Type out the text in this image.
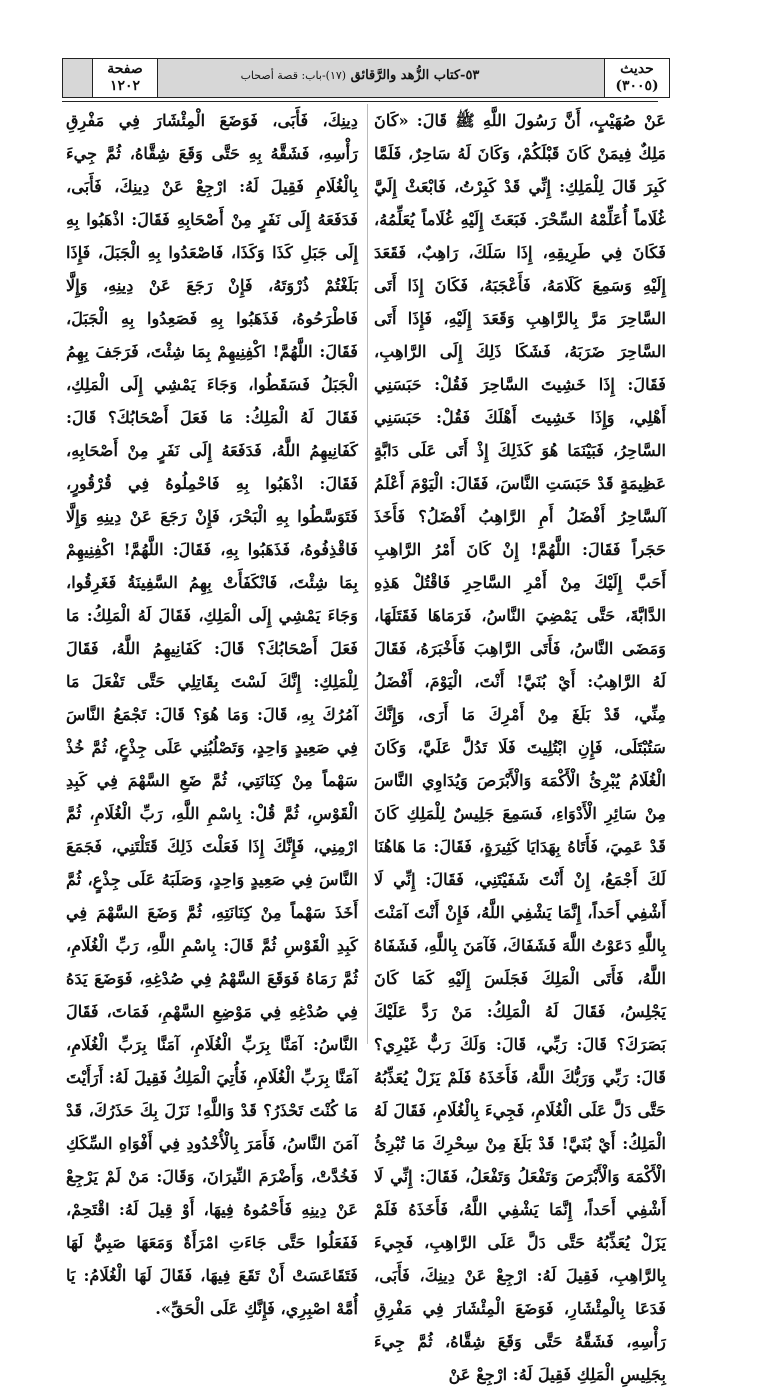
٥٣-كتاب الزُّهد والرَّقائق (١٧)-باب: قصة أصحاب	حديث
(٣٠٠٥)
صفحة
١٢٠٢

عَنْ صُهَيْبٍ، أَنَّ رَسُولَ اللَّهِ ﷺ قَالَ: «كَانَ مَلِكٌ فِيمَنْ كَانَ قَبْلَكُمْ، وَكَانَ لَهُ سَاحِرٌ، فَلَمَّا كَبِرَ قَالَ لِلْمَلِكِ: إِنِّي قَدْ كَبِرْتُ، فَابْعَثْ إِلَيَّ غُلَاماً أُعَلِّمْهُ السِّحْرَ. فَبَعَثَ إِلَيْهِ غُلَاماً يُعَلِّمُهُ، فَكَانَ فِي طَرِيقِهِ، إِذَا سَلَكَ، رَاهِبٌ، فَقَعَدَ إِلَيْهِ وَسَمِعَ كَلَامَهُ، فَأَعْجَبَهُ، فَكَانَ إِذَا أَتَى السَّاحِرَ مَرَّ بِالرَّاهِبِ وَقَعَدَ إِلَيْهِ، فَإِذَا أَتَى السَّاحِرَ ضَرَبَهُ، فَشَكَا ذَلِكَ إِلَى الرَّاهِبِ، فَقَالَ: إِذَا خَشِيتَ السَّاحِرَ فَقُلْ: حَبَسَنِي أَهْلِي، وَإِذَا خَشِيتَ أَهْلَكَ فَقُلْ: حَبَسَنِي السَّاحِرُ، فَبَيْنَمَا هُوَ كَذَلِكَ إِذْ أَتَى عَلَى دَابَّةٍ عَظِيمَةٍ قَدْ حَبَسَتِ النَّاسَ، فَقَالَ: الْيَوْمَ أَعْلَمُ آلسَّاحِرُ أَفْضَلُ أَمِ الرَّاهِبُ أَفْضَلُ؟ فَأَخَذَ حَجَراً فَقَالَ: اللَّهُمَّ! إِنْ كَانَ أَمْرُ الرَّاهِبِ أَحَبَّ إِلَيْكَ مِنْ أَمْرِ السَّاحِرِ فَاقْتُلْ هَذِهِ الدَّابَّةَ، حَتَّى يَمْضِيَ النَّاسُ، فَرَمَاهَا فَقَتَلَهَا، وَمَضَى النَّاسُ، فَأَتَى الرَّاهِبَ فَأَخْبَرَهُ، فَقَالَ لَهُ الرَّاهِبُ: أَيْ بُنَيَّ! أَنْتَ، الْيَوْمَ، أَفْضَلُ مِنِّي، قَدْ بَلَغَ مِنْ أَمْرِكَ مَا أَرَى، وَإِنَّكَ سَتُبْتَلَى، فَإِنِ ابْتُلِيتَ فَلَا تَدُلَّ عَلَيَّ، وَكَانَ الْغُلَامُ يُبْرِئُ الْأَكْمَهَ وَالْأَبْرَصَ وَيُدَاوِي النَّاسَ مِنْ سَائِرِ الْأَدْوَاءِ، فَسَمِعَ جَلِيسٌ لِلْمَلِكِ كَانَ قَدْ عَمِيَ، فَأَتَاهُ بِهَدَايَا كَثِيرَةٍ، فَقَالَ: مَا هَاهُنَا لَكَ أَجْمَعُ، إِنْ أَنْتَ شَفَيْتَنِي، فَقَالَ: إِنِّي لَا أَشْفِي أَحَداً، إِنَّمَا يَشْفِي اللَّهُ، فَإِنْ أَنْتَ آمَنْتَ بِاللَّهِ دَعَوْتُ اللَّهَ فَشَفَاكَ، فَآمَنَ بِاللَّهِ، فَشَفَاهُ اللَّهُ، فَأَتَى الْمَلِكَ فَجَلَسَ إِلَيْهِ كَمَا كَانَ يَجْلِسُ، فَقَالَ لَهُ الْمَلِكُ: مَنْ رَدَّ عَلَيْكَ بَصَرَكَ؟ قَالَ: رَبِّي، قَالَ: وَلَكَ رَبٌّ غَيْرِي؟ قَالَ: رَبِّي وَرَبُّكَ اللَّهُ، فَأَخَذَهُ فَلَمْ يَزَلْ يُعَذِّبُهُ حَتَّى دَلَّ عَلَى الْغُلَامِ، فَجِيءَ بِالْغُلَامِ، فَقَالَ لَهُ الْمَلِكُ: أَيْ بُنَيَّ! قَدْ بَلَغَ مِنْ سِحْرِكَ مَا تُبْرِئُ الْأَكْمَهَ وَالْأَبْرَصَ وَتَفْعَلُ وَتَفْعَلُ، فَقَالَ: إِنِّي لَا أَشْفِي أَحَداً، إِنَّمَا يَشْفِي اللَّهُ، فَأَخَذَهُ فَلَمْ يَزَلْ يُعَذِّبُهُ حَتَّى دَلَّ عَلَى الرَّاهِبِ، فَجِيءَ بِالرَّاهِبِ، فَقِيلَ لَهُ: ارْجِعْ عَنْ دِينِكَ، فَأَبَى، فَدَعَا بِالْمِئْشَارِ، فَوَضَعَ الْمِئْشَارَ فِي مَفْرِقِ رَأْسِهِ، فَشَقَّهُ حَتَّى وَقَعَ شِقَّاهُ، ثُمَّ جِيءَ بِجَلِيسِ الْمَلِكِ فَقِيلَ لَهُ: ارْجِعْ عَنْ

دِينِكَ، فَأَبَى، فَوَضَعَ الْمِئْشَارَ فِي مَفْرِقِ رَأْسِهِ، فَشَقَّهُ بِهِ حَتَّى وَقَعَ شِقَّاهُ، ثُمَّ جِيءَ بِالْغُلَامِ فَقِيلَ لَهُ: ارْجِعْ عَنْ دِينِكَ، فَأَبَى، فَدَفَعَهُ إِلَى نَفَرٍ مِنْ أَصْحَابِهِ فَقَالَ: اذْهَبُوا بِهِ إِلَى جَبَلِ كَذَا وَكَذَا، فَاصْعَدُوا بِهِ الْجَبَلَ، فَإِذَا بَلَغْتُمْ ذُرْوَتَهُ، فَإِنْ رَجَعَ عَنْ دِينِهِ، وَإِلَّا فَاطْرَحُوهُ، فَذَهَبُوا بِهِ فَصَعِدُوا بِهِ الْجَبَلَ، فَقَالَ: اللَّهُمَّ! اكْفِنِيهِمْ بِمَا شِئْتَ، فَرَجَفَ بِهِمُ الْجَبَلُ فَسَقَطُوا، وَجَاءَ يَمْشِي إِلَى الْمَلِكِ، فَقَالَ لَهُ الْمَلِكُ: مَا فَعَلَ أَصْحَابُكَ؟ قَالَ: كَفَانِيهِمُ اللَّهُ، فَدَفَعَهُ إِلَى نَفَرٍ مِنْ أَصْحَابِهِ، فَقَالَ: اذْهَبُوا بِهِ فَاحْمِلُوهُ فِي قُرْقُورٍ، فَتَوَسَّطُوا بِهِ الْبَحْرَ، فَإِنْ رَجَعَ عَنْ دِينِهِ وَإِلَّا فَاقْذِفُوهُ، فَذَهَبُوا بِهِ، فَقَالَ: اللَّهُمَّ! اكْفِنِيهِمْ بِمَا شِئْتَ، فَانْكَفَأَتْ بِهِمُ السَّفِينَةُ فَغَرِقُوا، وَجَاءَ يَمْشِي إِلَى الْمَلِكِ، فَقَالَ لَهُ الْمَلِكُ: مَا فَعَلَ أَصْحَابُكَ؟ قَالَ: كَفَانِيهِمُ اللَّهُ، فَقَالَ لِلْمَلِكِ: إِنَّكَ لَسْتَ بِقَاتِلِي حَتَّى تَفْعَلَ مَا آمُرُكَ بِهِ، قَالَ: وَمَا هُوَ؟ قَالَ: تَجْمَعُ النَّاسَ فِي صَعِيدٍ وَاحِدٍ، وَتَصْلُبُنِي عَلَى جِذْعٍ، ثُمَّ خُذْ سَهْماً مِنْ كِنَانَتِي، ثُمَّ ضَعِ السَّهْمَ فِي كَبِدِ الْقَوْسِ، ثُمَّ قُلْ: بِاسْمِ اللَّهِ، رَبِّ الْغُلَامِ، ثُمَّ ارْمِنِي، فَإِنَّكَ إِذَا فَعَلْتَ ذَلِكَ قَتَلْتَنِي، فَجَمَعَ النَّاسَ فِي صَعِيدٍ وَاحِدٍ، وَصَلَبَهُ عَلَى جِذْعٍ، ثُمَّ أَخَذَ سَهْماً مِنْ كِنَانَتِهِ، ثُمَّ وَضَعَ السَّهْمَ فِي كَبِدِ الْقَوْسِ ثُمَّ قَالَ: بِاسْمِ اللَّهِ، رَبِّ الْغُلَامِ، ثُمَّ رَمَاهُ فَوَقَعَ السَّهْمُ فِي صُدْغِهِ، فَوَضَعَ يَدَهُ فِي صُدْغِهِ فِي مَوْضِعِ السَّهْمِ، فَمَاتَ، فَقَالَ النَّاسُ: آمَنَّا بِرَبِّ الْغُلَامِ، آمَنَّا بِرَبِّ الْغُلَامِ، آمَنَّا بِرَبِّ الْغُلَامِ، فَأُتِيَ الْمَلِكُ فَقِيلَ لَهُ: أَرَأَيْتَ مَا كُنْتَ تَحْذَرُ؟ قَدْ وَاللَّهِ! نَزَلَ بِكَ حَذَرُكَ، قَدْ آمَنَ النَّاسُ، فَأَمَرَ بِالْأُخْدُودِ فِي أَفْوَاهِ السِّكَكِ فَخُدَّتْ، وَأَضْرَمَ النِّيرَانَ، وَقَالَ: مَنْ لَمْ يَرْجِعْ عَنْ دِينِهِ فَأَحْمُوهُ فِيهَا، أَوْ قِيلَ لَهُ: اقْتَحِمْ، فَفَعَلُوا حَتَّى جَاءَتِ امْرَأَةٌ وَمَعَهَا صَبِيٌّ لَهَا فَتَقَاعَسَتْ أَنْ تَقَعَ فِيهَا، فَقَالَ لَهَا الْغُلَامُ: يَا أُمَّهْ اصْبِرِي، فَإِنَّكِ عَلَى الْحَقِّ».
